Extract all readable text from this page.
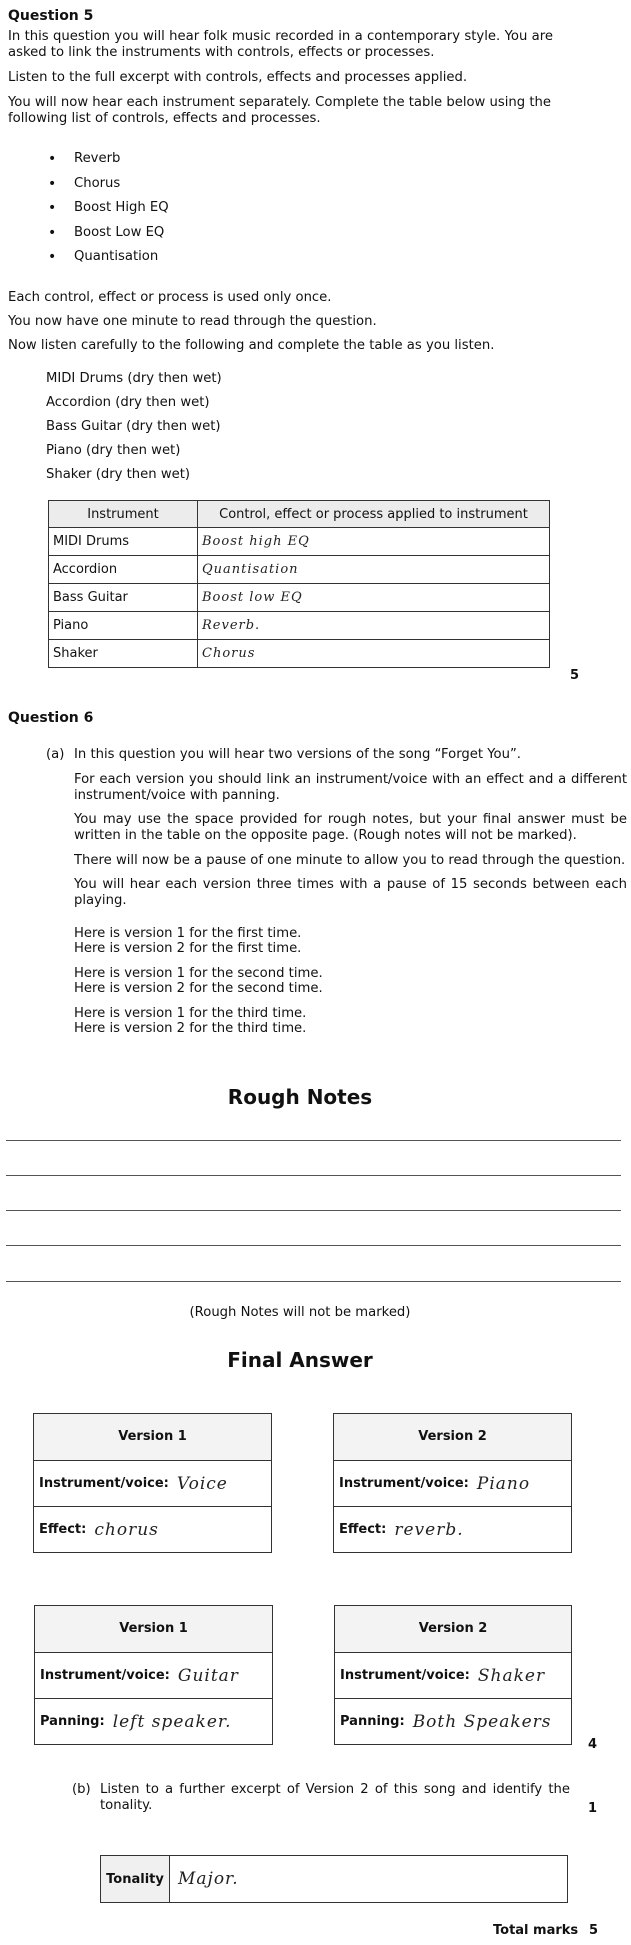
Question 5

In this question you will hear folk music recorded in a contemporary style. You are asked to link the instruments with controls, effects or processes.

Listen to the full excerpt with controls, effects and processes applied.

You will now hear each instrument separately. Complete the table below using the following list of controls, effects and processes.

• Reverb
• Chorus
• Boost High EQ
• Boost Low EQ
• Quantisation

Each control, effect or process is used only once.

You now have one minute to read through the question.

Now listen carefully to the following and complete the table as you listen.

MIDI Drums (dry then wet)
Accordion (dry then wet)
Bass Guitar (dry then wet)
Piano (dry then wet)
Shaker (dry then wet)
Instrument	Control, effect or process applied to instrument
MIDI Drums	Boost high EQ
Accordion	Quantisation
Bass Guitar	Boost low EQ
Piano	Reverb.
Shaker	Chorus
5
Question 6
(a) In this question you will hear two versions of the song “Forget You”.

For each version you should link an instrument/voice with an effect and a different instrument/voice with panning.

You may use the space provided for rough notes, but your final answer must be written in the table on the opposite page. (Rough notes will not be marked).

There will now be a pause of one minute to allow you to read through the question.

You will hear each version three times with a pause of 15 seconds between each playing.

Here is version 1 for the first time.
Here is version 2 for the first time.
Here is version 1 for the second time.
Here is version 2 for the second time.
Here is version 1 for the third time.
Here is version 2 for the third time.
Rough Notes
(Rough Notes will not be marked)
Final Answer
Version 1
Instrument/voice: Voice
Effect: chorus
Version 2
Instrument/voice: Piano
Effect: reverb.
Version 1
Instrument/voice: Guitar
Panning: left speaker.
Version 2
Instrument/voice: Shaker
Panning: Both Speakers
4
(b) Listen to a further excerpt of Version 2 of this song and identify the tonality.	1
Tonality Major.
Total marks 5
